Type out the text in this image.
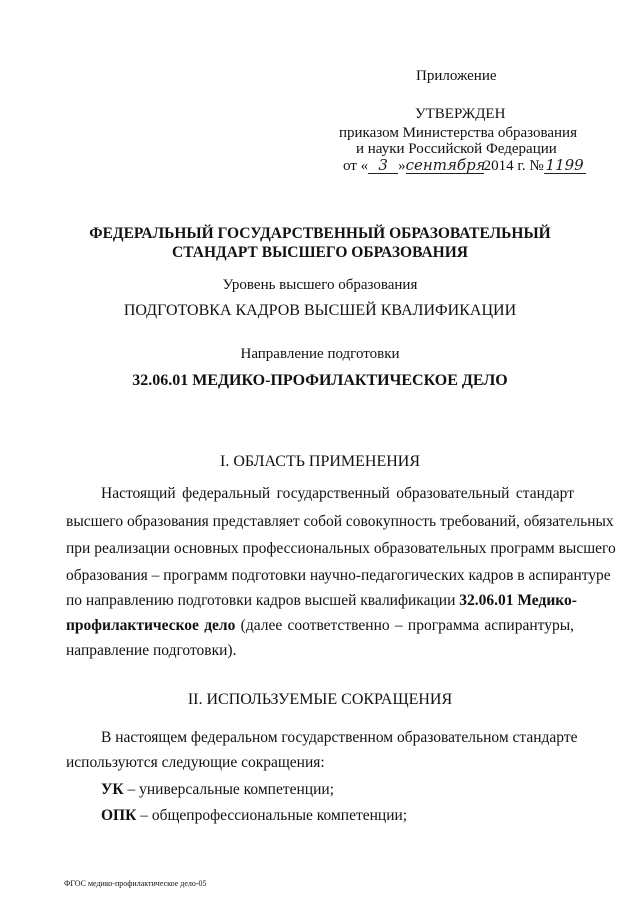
Приложение
УТВЕРЖДЕН
приказом Министерства образования
и науки Российской Федерации
от « 3 »сентября2014 г. № 1199
ФЕДЕРАЛЬНЫЙ ГОСУДАРСТВЕННЫЙ ОБРАЗОВАТЕЛЬНЫЙ
СТАНДАРТ ВЫСШЕГО ОБРАЗОВАНИЯ
Уровень высшего образования
ПОДГОТОВКА КАДРОВ ВЫСШЕЙ КВАЛИФИКАЦИИ
Направление подготовки
32.06.01 МЕДИКО-ПРОФИЛАКТИЧЕСКОЕ ДЕЛО
I. ОБЛАСТЬ ПРИМЕНЕНИЯ
Настоящий федеральный государственный образовательный стандарт
высшего образования представляет собой совокупность требований, обязательных
при реализации основных профессиональных образовательных программ высшего
образования – программ подготовки научно-педагогических кадров в аспирантуре
по направлению подготовки кадров высшей квалификации 32.06.01 Медико-
профилактическое дело (далее соответственно – программа аспирантуры,
направление подготовки).
II. ИСПОЛЬЗУЕМЫЕ СОКРАЩЕНИЯ
В настоящем федеральном государственном образовательном стандарте
используются следующие сокращения:
УК – универсальные компетенции;
ОПК – общепрофессиональные компетенции;
ФГОС медико-профилактическое дело-05
